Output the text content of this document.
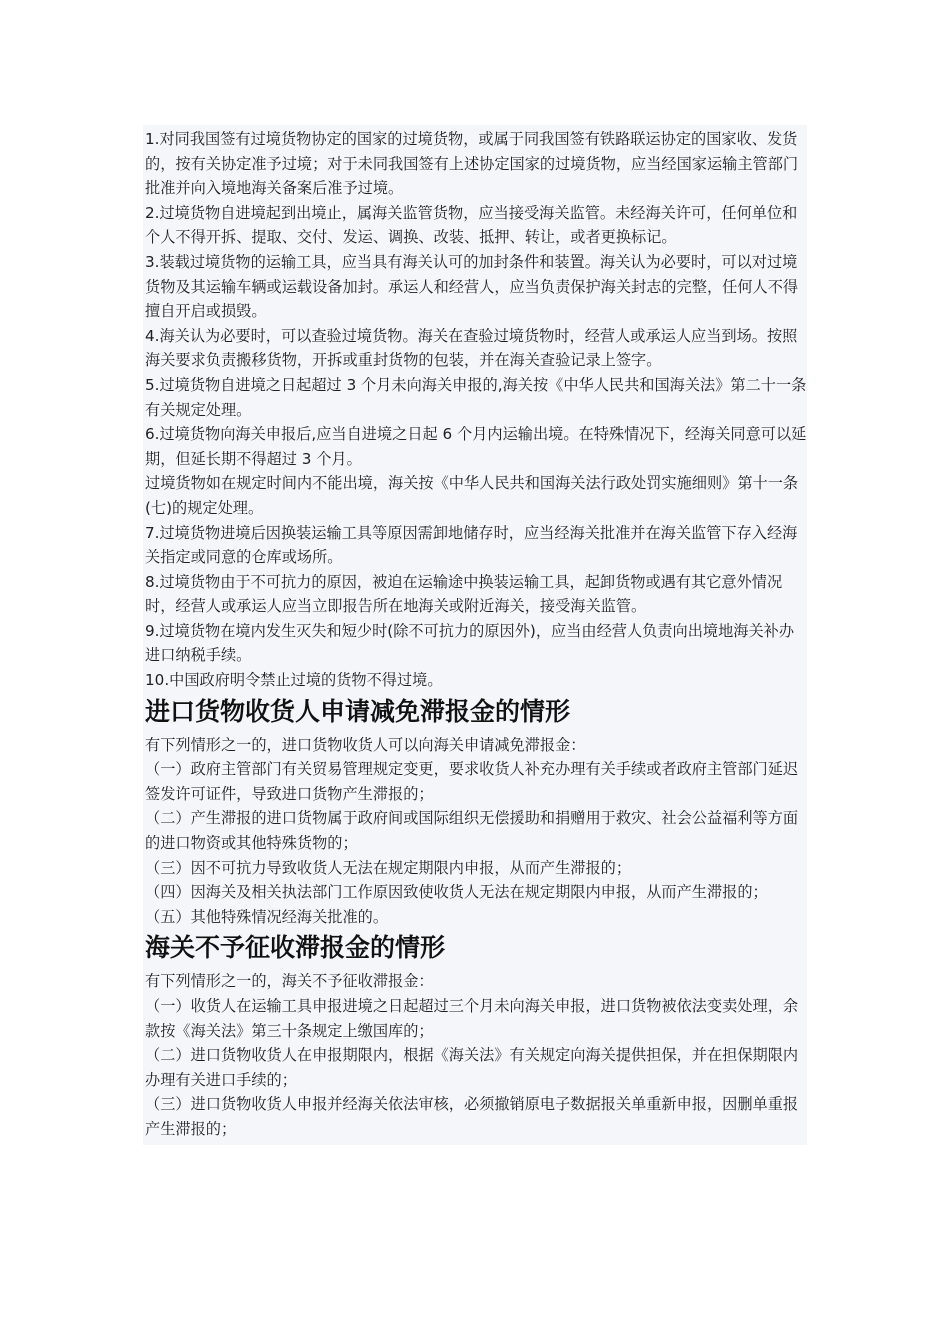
1.对同我国签有过境货物协定的国家的过境货物，或属于同我国签有铁路联运协定的国家收、发货的，按有关协定准予过境；对于未同我国签有上述协定国家的过境货物，应当经国家运输主管部门批准并向入境地海关备案后准予过境。

2.过境货物自进境起到出境止，属海关监管货物，应当接受海关监管。未经海关许可，任何单位和个人不得开拆、提取、交付、发运、调换、改装、抵押、转让，或者更换标记。

3.装载过境货物的运输工具，应当具有海关认可的加封条件和装置。海关认为必要时，可以对过境货物及其运输车辆或运载设备加封。承运人和经营人，应当负责保护海关封志的完整，任何人不得擅自开启或损毁。

4.海关认为必要时，可以查验过境货物。海关在查验过境货物时，经营人或承运人应当到场。按照海关要求负责搬移货物，开拆或重封货物的包装，并在海关查验记录上签字。

5.过境货物自进境之日起超过 3 个月未向海关申报的,海关按《中华人民共和国海关法》第二十一条有关规定处理。

6.过境货物向海关申报后,应当自进境之日起 6 个月内运输出境。在特殊情况下，经海关同意可以延期，但延长期不得超过 3 个月。

过境货物如在规定时间内不能出境，海关按《中华人民共和国海关法行政处罚实施细则》第十一条(七)的规定处理。

7.过境货物进境后因换装运输工具等原因需卸地储存时，应当经海关批准并在海关监管下存入经海关指定或同意的仓库或场所。

8.过境货物由于不可抗力的原因，被迫在运输途中换装运输工具，起卸货物或遇有其它意外情况时，经营人或承运人应当立即报告所在地海关或附近海关，接受海关监管。

9.过境货物在境内发生灭失和短少时(除不可抗力的原因外)，应当由经营人负责向出境地海关补办进口纳税手续。

10.中国政府明令禁止过境的货物不得过境。

进口货物收货人申请减免滞报金的情形

有下列情形之一的，进口货物收货人可以向海关申请减免滞报金：

（一）政府主管部门有关贸易管理规定变更，要求收货人补充办理有关手续或者政府主管部门延迟签发许可证件，导致进口货物产生滞报的；

（二）产生滞报的进口货物属于政府间或国际组织无偿援助和捐赠用于救灾、社会公益福利等方面的进口物资或其他特殊货物的；

（三）因不可抗力导致收货人无法在规定期限内申报，从而产生滞报的；

（四）因海关及相关执法部门工作原因致使收货人无法在规定期限内申报，从而产生滞报的；

（五）其他特殊情况经海关批准的。

海关不予征收滞报金的情形

有下列情形之一的，海关不予征收滞报金：

（一）收货人在运输工具申报进境之日起超过三个月未向海关申报，进口货物被依法变卖处理，余款按《海关法》第三十条规定上缴国库的；

（二）进口货物收货人在申报期限内，根据《海关法》有关规定向海关提供担保，并在担保期限内办理有关进口手续的；

（三）进口货物收货人申报并经海关依法审核，必须撤销原电子数据报关单重新申报，因删单重报产生滞报的；
